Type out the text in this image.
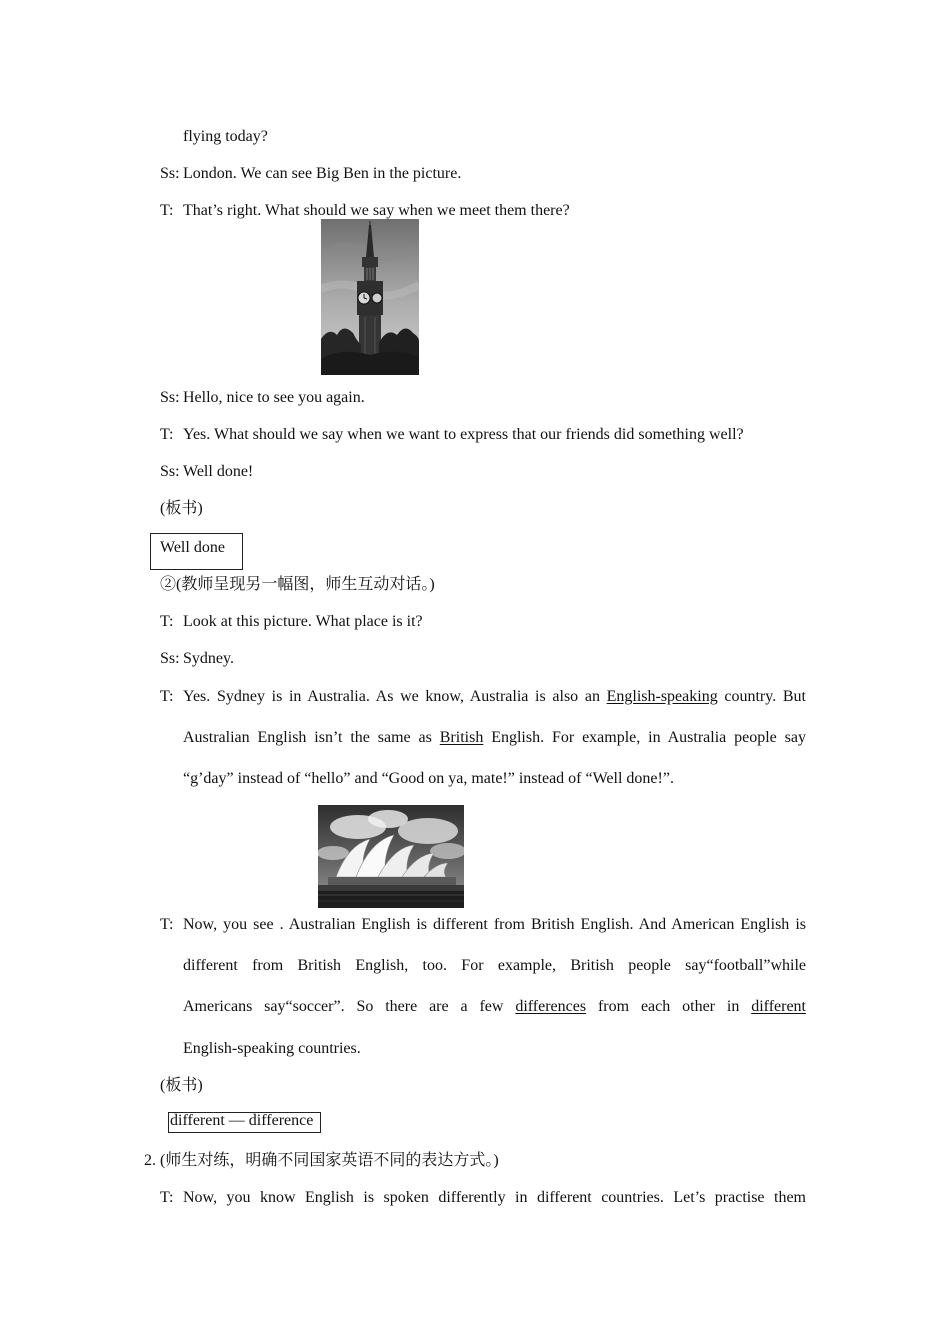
flying today?
Ss: London. We can see Big Ben in the picture.
T: That’s right. What should we say when we meet them there?
Ss: Hello, nice to see you again.
T: Yes. What should we say when we want to express that our friends did something well?
Ss: Well done!
(板书)
Well done
②(教师呈现另一幅图，师生互动对话。)
T: Look at this picture. What place is it?
Ss: Sydney.
T: Yes. Sydney is in Australia. As we know, Australia is also an English-speaking country. But
Australian English isn’t the same as British English. For example, in Australia people say
“g’day” instead of “hello” and “Good on ya, mate!” instead of “Well done!”.
T: Now, you see . Australian English is different from British English. And American English is
different from British English, too. For example, British people say“football”while
Americans say“soccer”. So there are a few differences from each other in different
English-speaking countries.
(板书)
different — difference
2. (师生对练，明确不同国家英语不同的表达方式。)
T: Now, you know English is spoken differently in different countries. Let’s practise them
